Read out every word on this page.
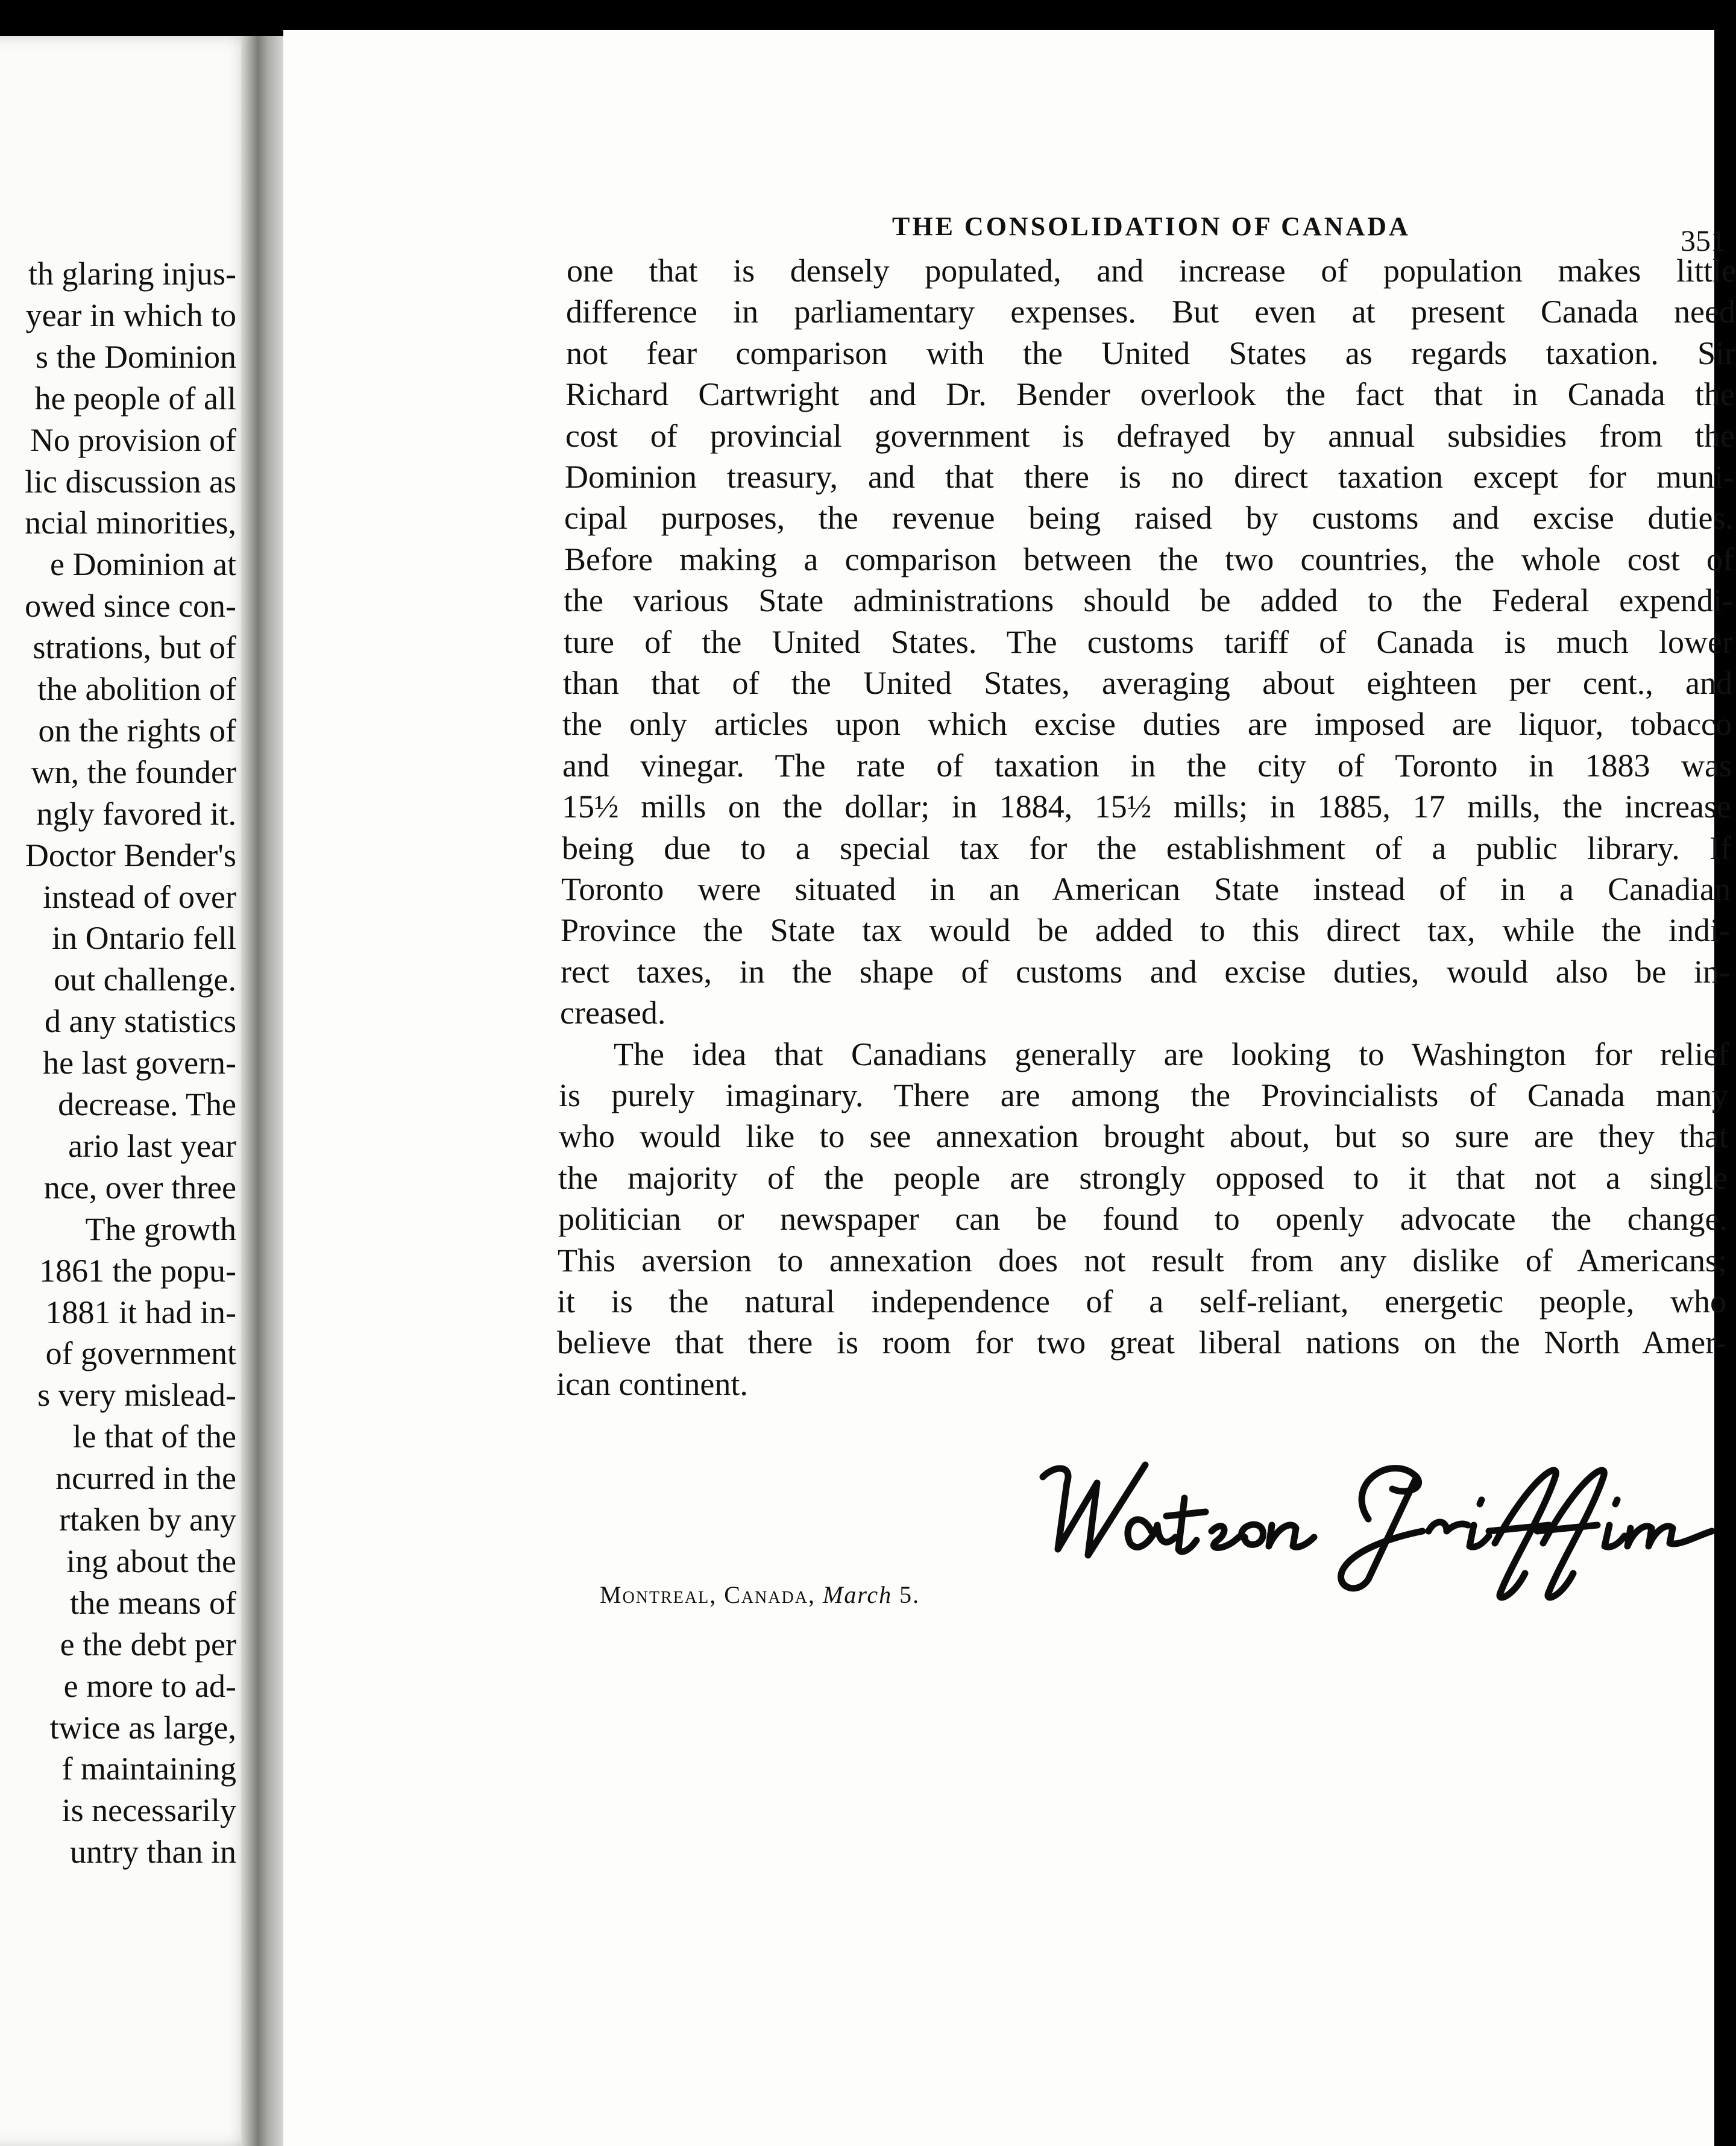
th glaring injus-
year in which to
s the Dominion
he people of all
No provision of
lic discussion as
ncial minorities,
e Dominion at
owed since con-
strations, but of
the abolition of
on the rights of
wn, the founder
ngly favored it.
Doctor Bender's
instead of over
in Ontario fell
out challenge.
d any statistics
he last govern-
decrease. The
ario last year
nce, over three
The growth
1861 the popu-
1881 it had in-
of government
s very mislead-
le that of the
ncurred in the
rtaken by any
ing about the
the means of
e the debt per
e more to ad-
twice as large,
f maintaining
is necessarily
untry than in
THE CONSOLIDATION OF CANADA	351
one that is densely populated, and increase of population makes little
difference in parliamentary expenses. But even at present Canada need
not fear comparison with the United States as regards taxation. Sir
Richard Cartwright and Dr. Bender overlook the fact that in Canada the
cost of provincial government is defrayed by annual subsidies from the
Dominion treasury, and that there is no direct taxation except for muni-
cipal purposes, the revenue being raised by customs and excise duties.
Before making a comparison between the two countries, the whole cost of
the various State administrations should be added to the Federal expendi-
ture of the United States. The customs tariff of Canada is much lower
than that of the United States, averaging about eighteen per cent., and
the only articles upon which excise duties are imposed are liquor, tobacco
and vinegar. The rate of taxation in the city of Toronto in 1883 was
15½ mills on the dollar; in 1884, 15½ mills; in 1885, 17 mills, the increase
being due to a special tax for the establishment of a public library. If
Toronto were situated in an American State instead of in a Canadian
Province the State tax would be added to this direct tax, while the indi-
rect taxes, in the shape of customs and excise duties, would also be in-
creased.
The idea that Canadians generally are looking to Washington for relief
is purely imaginary. There are among the Provincialists of Canada many
who would like to see annexation brought about, but so sure are they that
the majority of the people are strongly opposed to it that not a single
politician or newspaper can be found to openly advocate the change.
This aversion to annexation does not result from any dislike of Americans;
it is the natural independence of a self-reliant, energetic people, who
believe that there is room for two great liberal nations on the North Amer-
ican continent.
Montreal, Canada, March 5.
